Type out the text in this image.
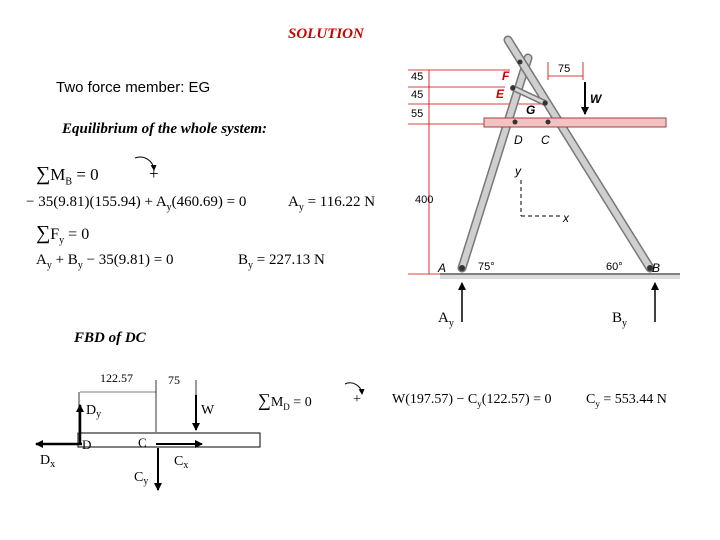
SOLUTION
Two force member: EG
Equilibrium of the whole system:
$\sum M_B = 0$	+
− $35(9.81)(155.94) + A_y(460.69) = 0$	$A_y = 116.22$ N
$\sum F_y = 0$
$A_y + B_y - 35(9.81) = 0$	$B_y = 227.13$ N
FBD of DC
$\sum M_D = 0$	+ $W(197.57) - C_y(122.57) = 0$ $C_y = 553.44$ N
45
45
55
400
75
F
E
G
W
D C
A	B
75°	60°
y
x
$A_y$	$B_y$
122.57	75
W
$D_y$
$D_x$
D	C
$C_y$
$C_x$
